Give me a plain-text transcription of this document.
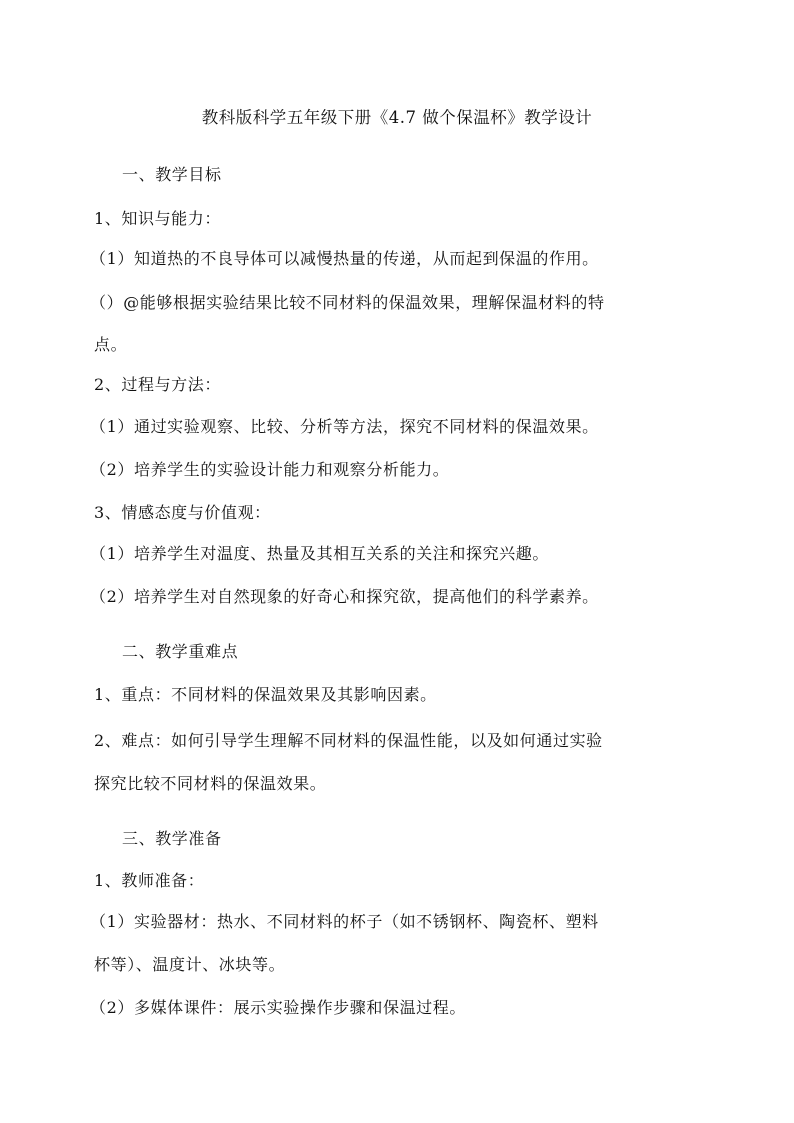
教科版科学五年级下册《4.7 做个保温杯》教学设计
一、教学目标
1、知识与能力：
（1）知道热的不良导体可以减慢热量的传递，从而起到保温的作用。
（）@能够根据实验结果比较不同材料的保温效果，理解保温材料的特
点。
2、过程与方法：
（1）通过实验观察、比较、分析等方法，探究不同材料的保温效果。
（2）培养学生的实验设计能力和观察分析能力。
3、情感态度与价值观：
（1）培养学生对温度、热量及其相互关系的关注和探究兴趣。
（2）培养学生对自然现象的好奇心和探究欲，提高他们的科学素养。
二、教学重难点
1、重点：不同材料的保温效果及其影响因素。
2、难点：如何引导学生理解不同材料的保温性能，以及如何通过实验
探究比较不同材料的保温效果。
三、教学准备
1、教师准备：
（1）实验器材：热水、不同材料的杯子（如不锈钢杯、陶瓷杯、塑料
杯等）、温度计、冰块等。
（2）多媒体课件：展示实验操作步骤和保温过程。
